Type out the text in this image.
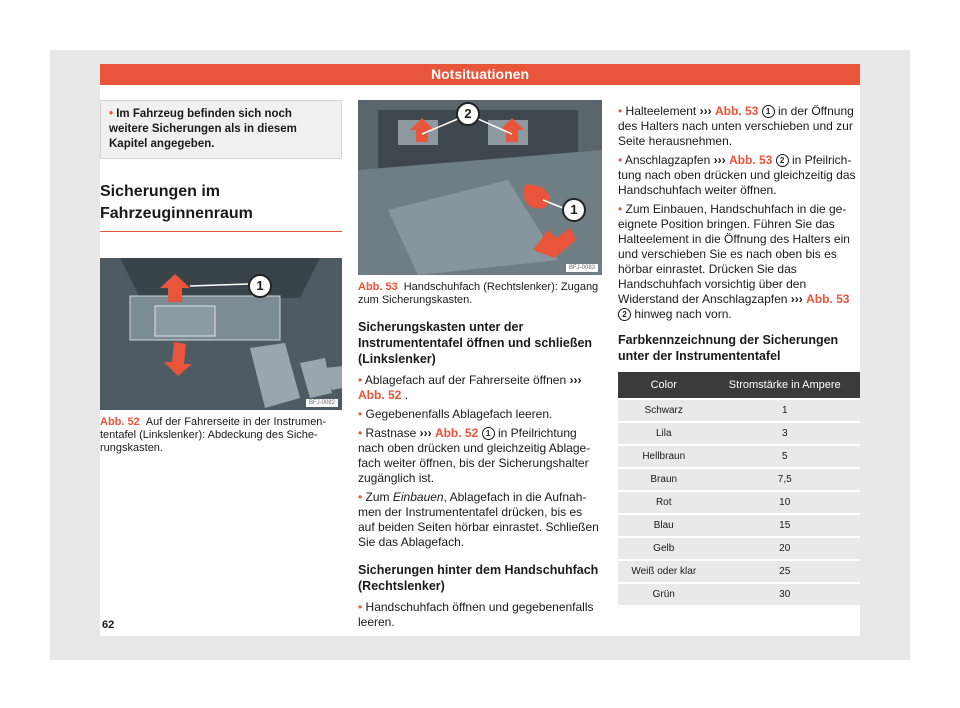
Notsituationen
• Im Fahrzeug befinden sich noch weitere Sicherungen als in diesem Kapitel angegeben.
Sicherungen im Fahrzeuginnenraum
1
BFJ-0082
Abb. 52 Auf der Fahrerseite in der Instrumententafel (Linkslenker): Abdeckung des Sicherungskasten.
2
1
BFJ-0083
Abb. 53 Handschuhfach (Rechtslenker): Zugang zum Sicherungskasten.
Sicherungskasten unter der Instrumententafel öffnen und schließen (Linkslenker)
• Ablagefach auf der Fahrerseite öffnen ››› Abb. 52 .
• Gegebenenfalls Ablagefach leeren.
• Rastnase ››› Abb. 52 1 in Pfeilrichtung nach oben drücken und gleichzeitig Ablagefach weiter öffnen, bis der Sicherungshalter zugänglich ist.
• Zum Einbauen, Ablagefach in die Aufnahmen der Instrumententafel drücken, bis es auf beiden Seiten hörbar einrastet. Schließen Sie das Ablagefach.
Sicherungen hinter dem Handschuhfach (Rechtslenker)
• Handschuhfach öffnen und gegebenenfalls leeren.
• Halteelement ››› Abb. 53 1 in der Öffnung des Halters nach unten verschieben und zur Seite herausnehmen.
• Anschlagzapfen ››› Abb. 53 2 in Pfeilrichtung nach oben drücken und gleichzeitig das Handschuhfach weiter öffnen.
• Zum Einbauen, Handschuhfach in die geeignete Position bringen. Führen Sie das Halteelement in die Öffnung des Halters ein und verschieben Sie es nach oben bis es hörbar einrastet. Drücken Sie das Handschuhfach vorsichtig über den Widerstand der Anschlagzapfen ››› Abb. 53 2 hinweg nach vorn.
Farbkennzeichnung der Sicherungen unter der Instrumententafel
Color	Stromstärke in Ampere
Schwarz	1
Lila	3
Hellbraun	5
Braun	7,5
Rot	10
Blau	15
Gelb	20
Weiß oder klar	25
Grün	30
62
